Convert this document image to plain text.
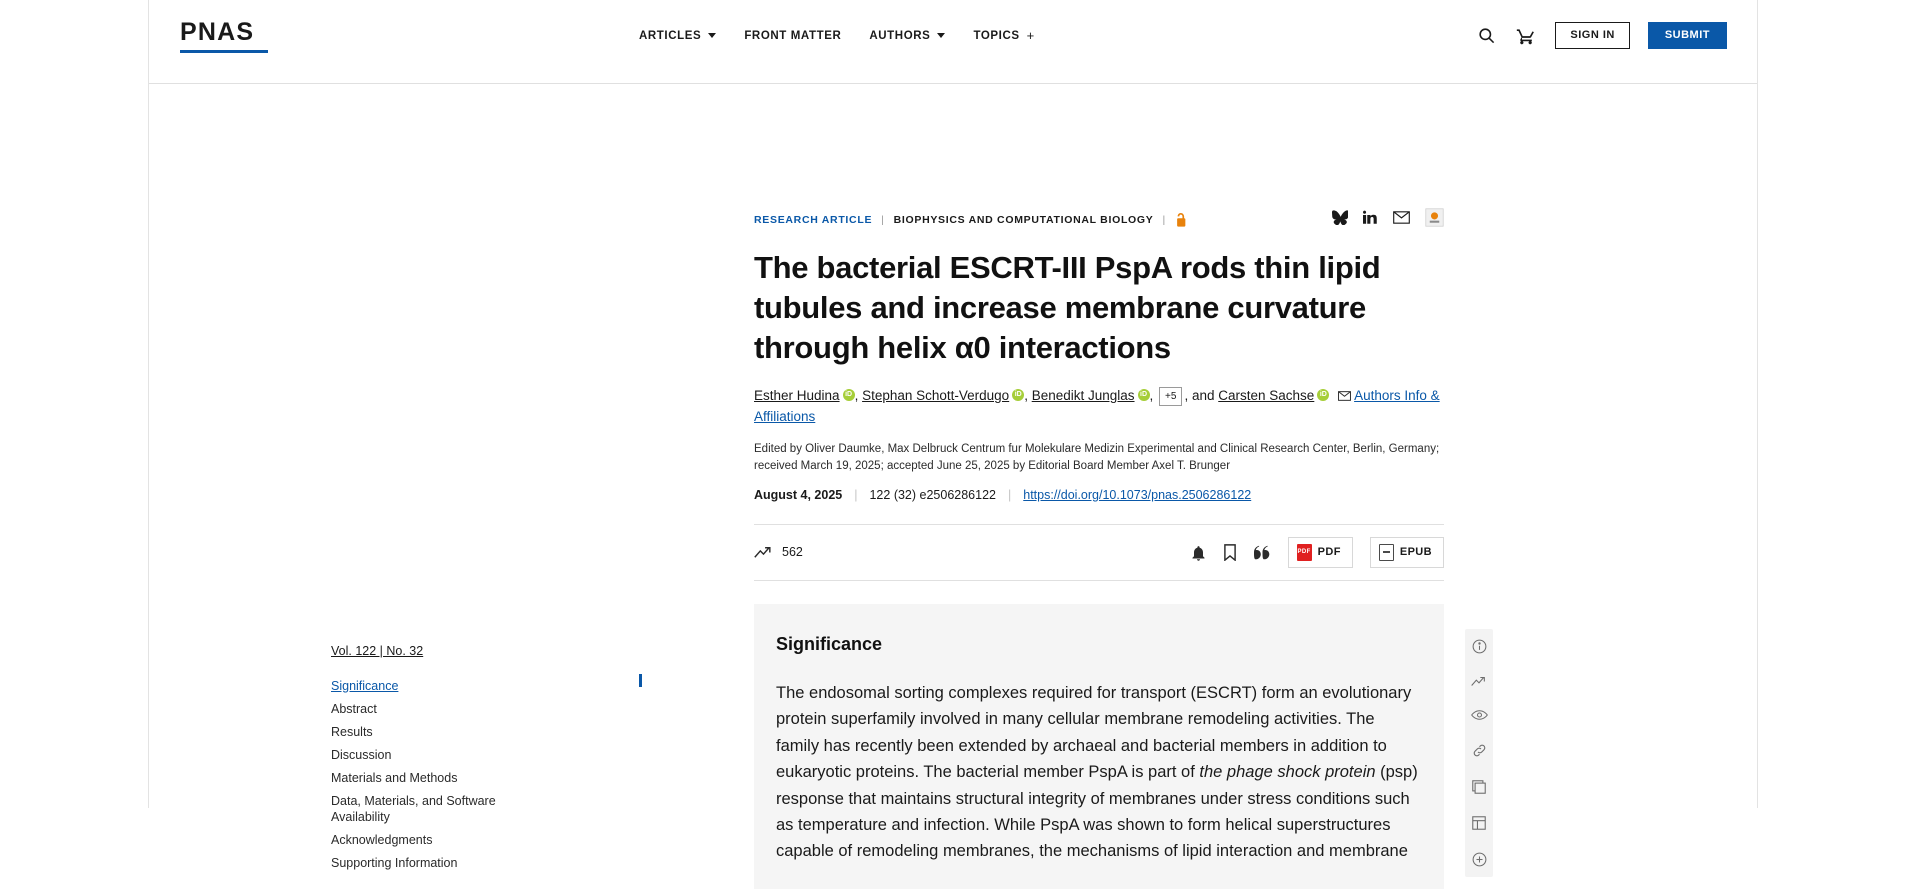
PNAS	ARTICLES	FRONT MATTER AUTHORS	TOPICS +	SIGN IN	SUBMIT
Vol. 122 | No. 32
Significance
Abstract
Results
Discussion
Materials and Methods
Data, Materials, and Software Availability
Acknowledgments
Supporting Information
RESEARCH ARTICLE | BIOPHYSICS AND COMPUTATIONAL BIOLOGY |
The bacterial ESCRT-III PspA rods thin lipid tubules and increase membrane curvature through helix α0 interactions
Esther Hudina iD , Stephan Schott-Verdugo iD , Benedikt Junglas iD , +5 , and Carsten SachseiD	Authors Info & Affiliations
Edited by Oliver Daumke, Max Delbruck Centrum fur Molekulare Medizin Experimental and Clinical Research Center, Berlin, Germany; received March 19, 2025; accepted June 25, 2025 by Editorial Board Member Axel T. Brunger
August 4, 2025 | 122 (32) e2506286122 | https://doi.org/10.1073/pnas.2506286122
562	PDF PDF	EPUB
Significance

The endosomal sorting complexes required for transport (ESCRT) form an evolutionary protein superfamily involved in many cellular membrane remodeling activities. The family has recently been extended by archaeal and bacterial members in addition to eukaryotic proteins. The bacterial member PspA is part of the phage shock protein (psp) response that maintains structural integrity of membranes under stress conditions such as temperature and infection. While PspA was shown to form helical superstructures capable of remodeling membranes, the mechanisms of lipid interaction and membrane
